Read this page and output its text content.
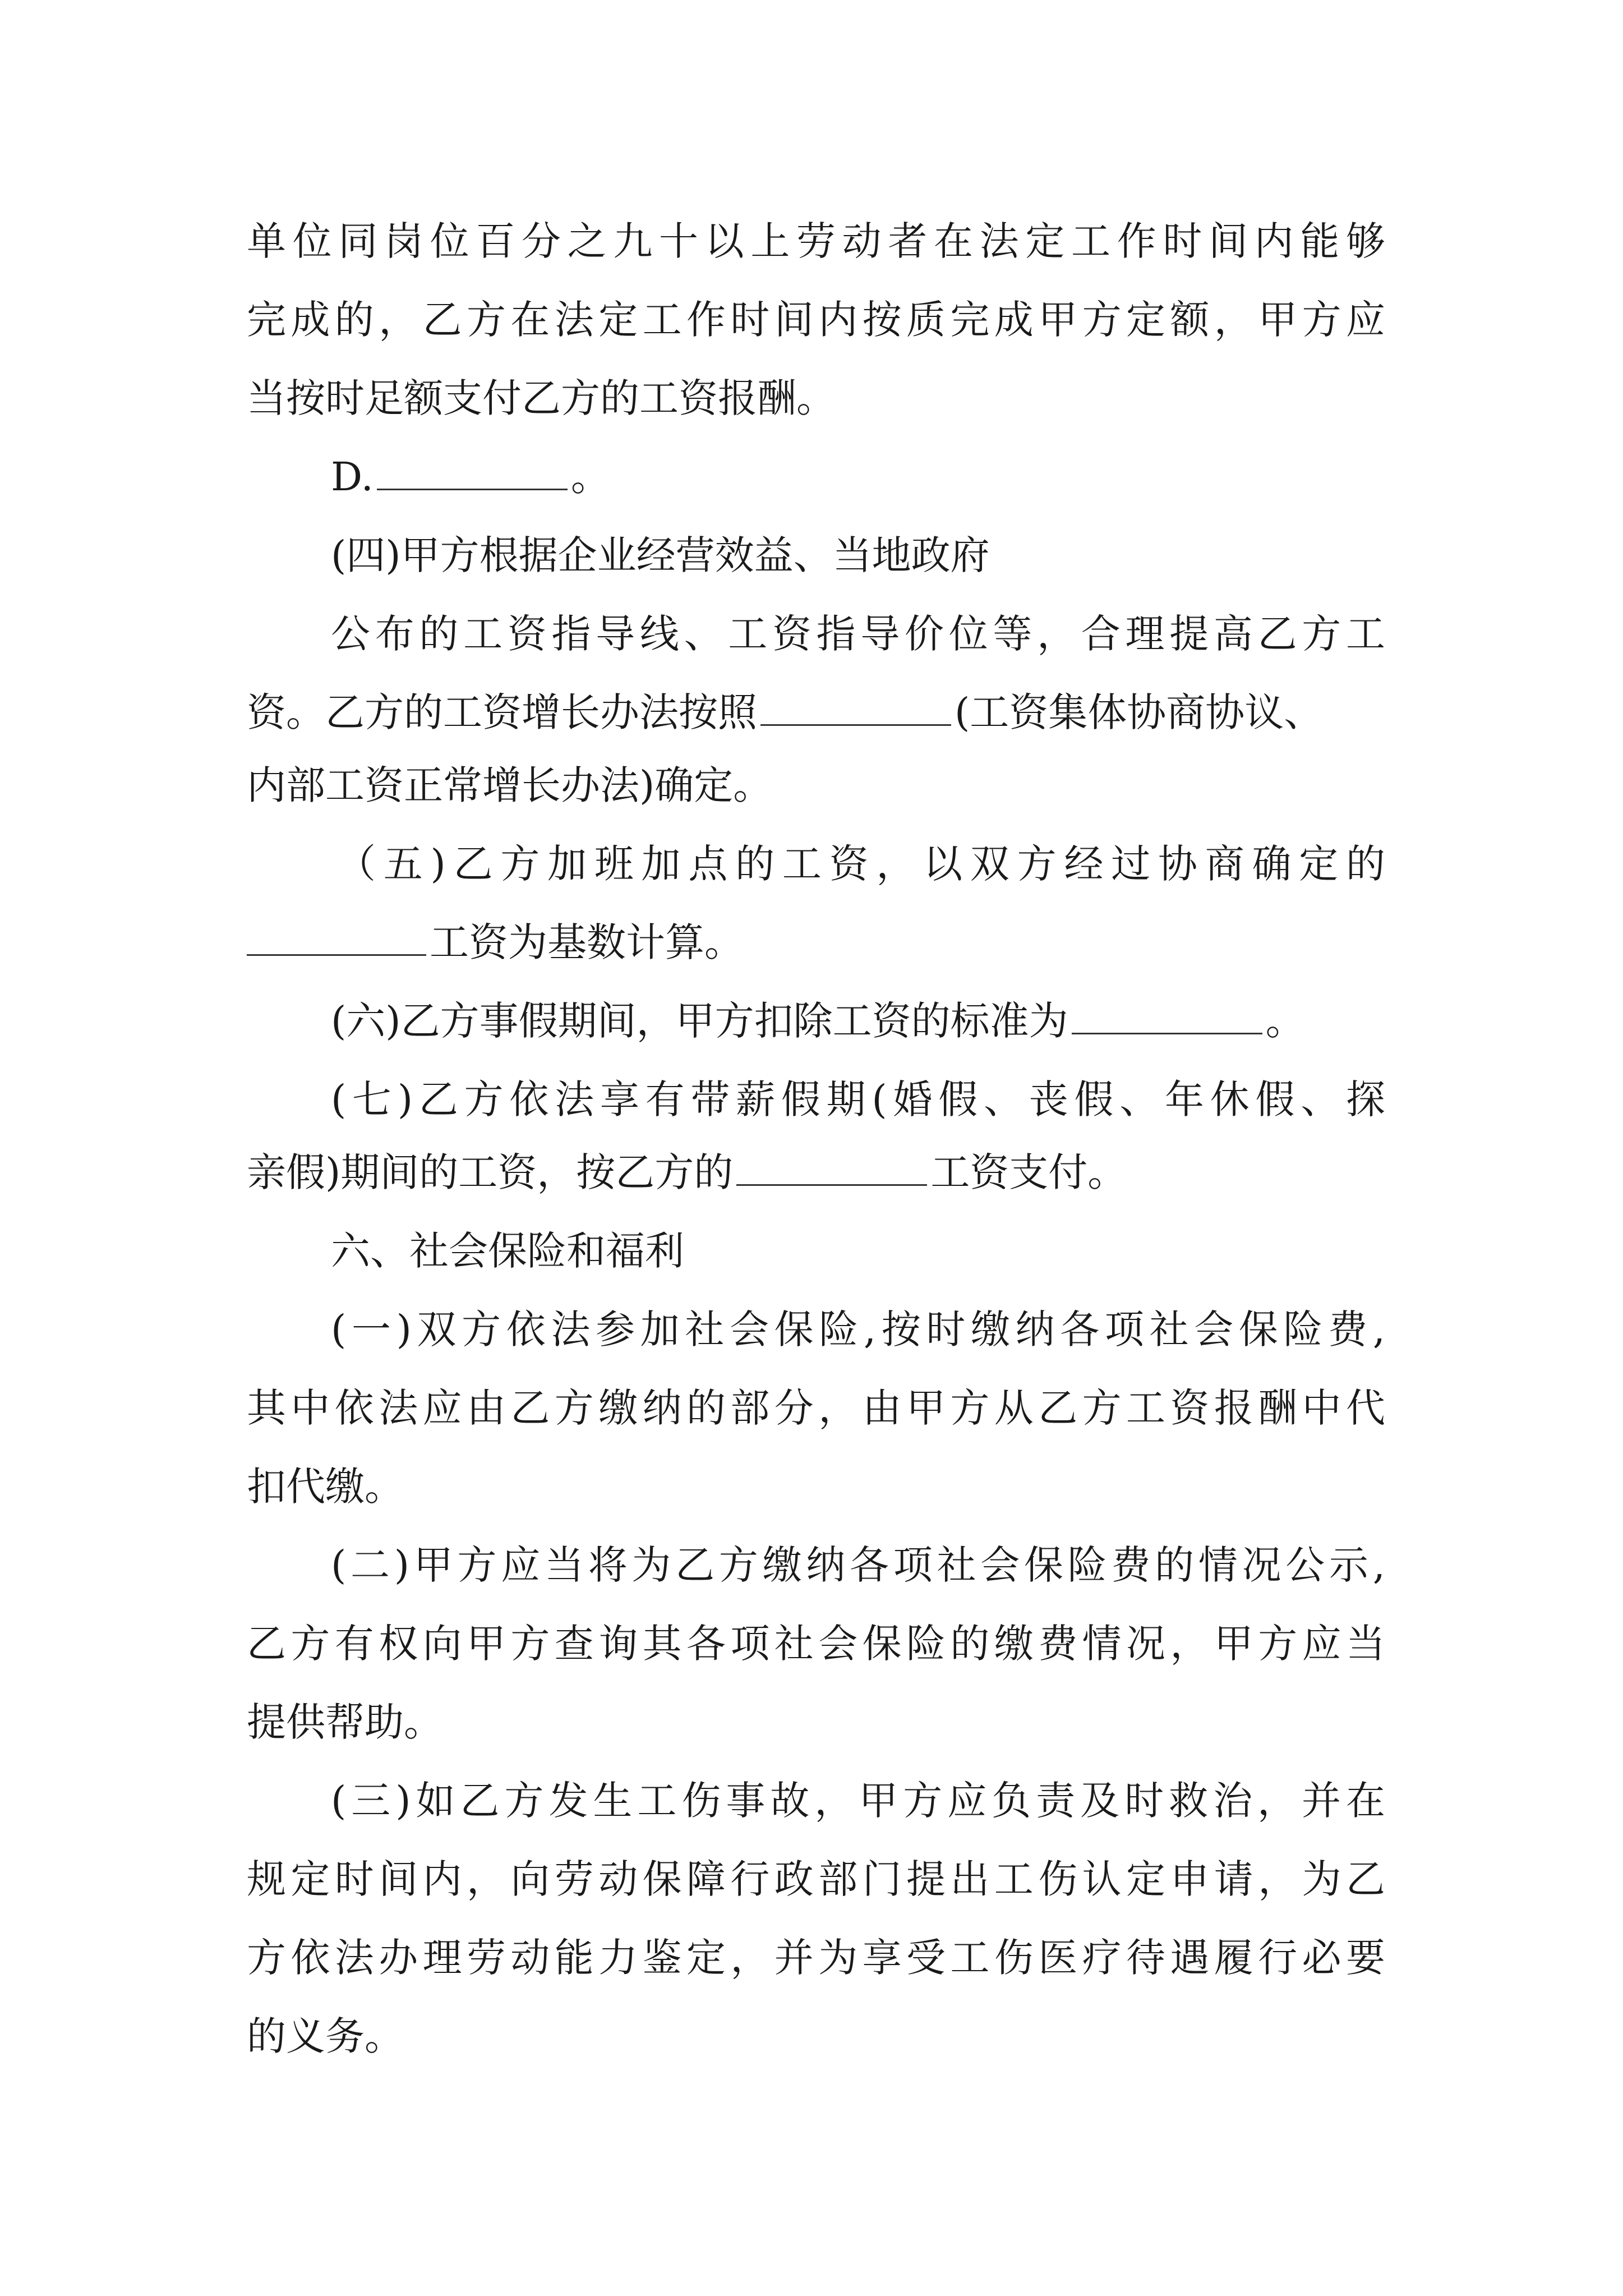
单位同岗位百分之九十以上劳动者在法定工作时间内能够
完成的，乙方在法定工作时间内按质完成甲方定额，甲方应
当按时足额支付乙方的工资报酬。
D.	。
(四)甲方根据企业经营效益、当地政府
公布的工资指导线、工资指导价位等，合理提高乙方工
资。乙方的工资增长办法按照	(工资集体协商协议、
内部工资正常增长办法)确定。
（五)乙方加班加点的工资，以双方经过协商确定的
工资为基数计算。
(六)乙方事假期间，甲方扣除工资的标准为	。
(七)乙方依法享有带薪假期(婚假、丧假、年休假、探
亲假)期间的工资，按乙方的	工资支付。
六、社会保险和福利
(一)双方依法参加社会保险,按时缴纳各项社会保险费,
其中依法应由乙方缴纳的部分，由甲方从乙方工资报酬中代
扣代缴。
(二)甲方应当将为乙方缴纳各项社会保险费的情况公示,
乙方有权向甲方查询其各项社会保险的缴费情况，甲方应当
提供帮助。
(三)如乙方发生工伤事故，甲方应负责及时救治，并在
规定时间内，向劳动保障行政部门提出工伤认定申请，为乙
方依法办理劳动能力鉴定，并为享受工伤医疗待遇履行必要
的义务。
